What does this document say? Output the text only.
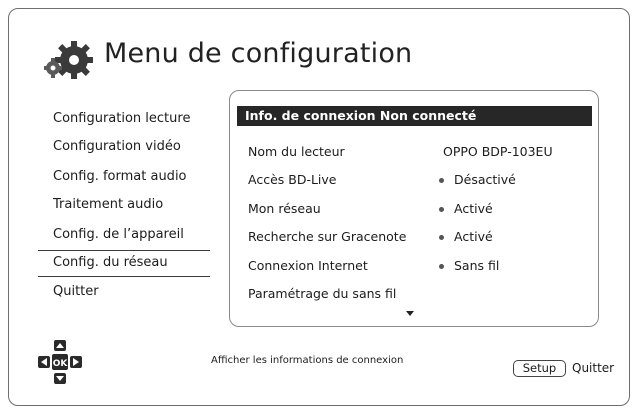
Menu de configuration
Configuration lecture
Configuration vidéo
Config. format audio
Traitement audio
Config. de l’appareil
Config. du réseau
Quitter
Info. de connexion Non connecté
Nom du lecteur	OPPO BDP-103EU
Accès BD-Live	Désactivé
Mon réseau	Activé
Recherche sur Gracenote	Activé
Connexion Internet	Sans fil
Paramétrage du sans fil
OK	Afficher les informations de connexion
Setup	Quitter
